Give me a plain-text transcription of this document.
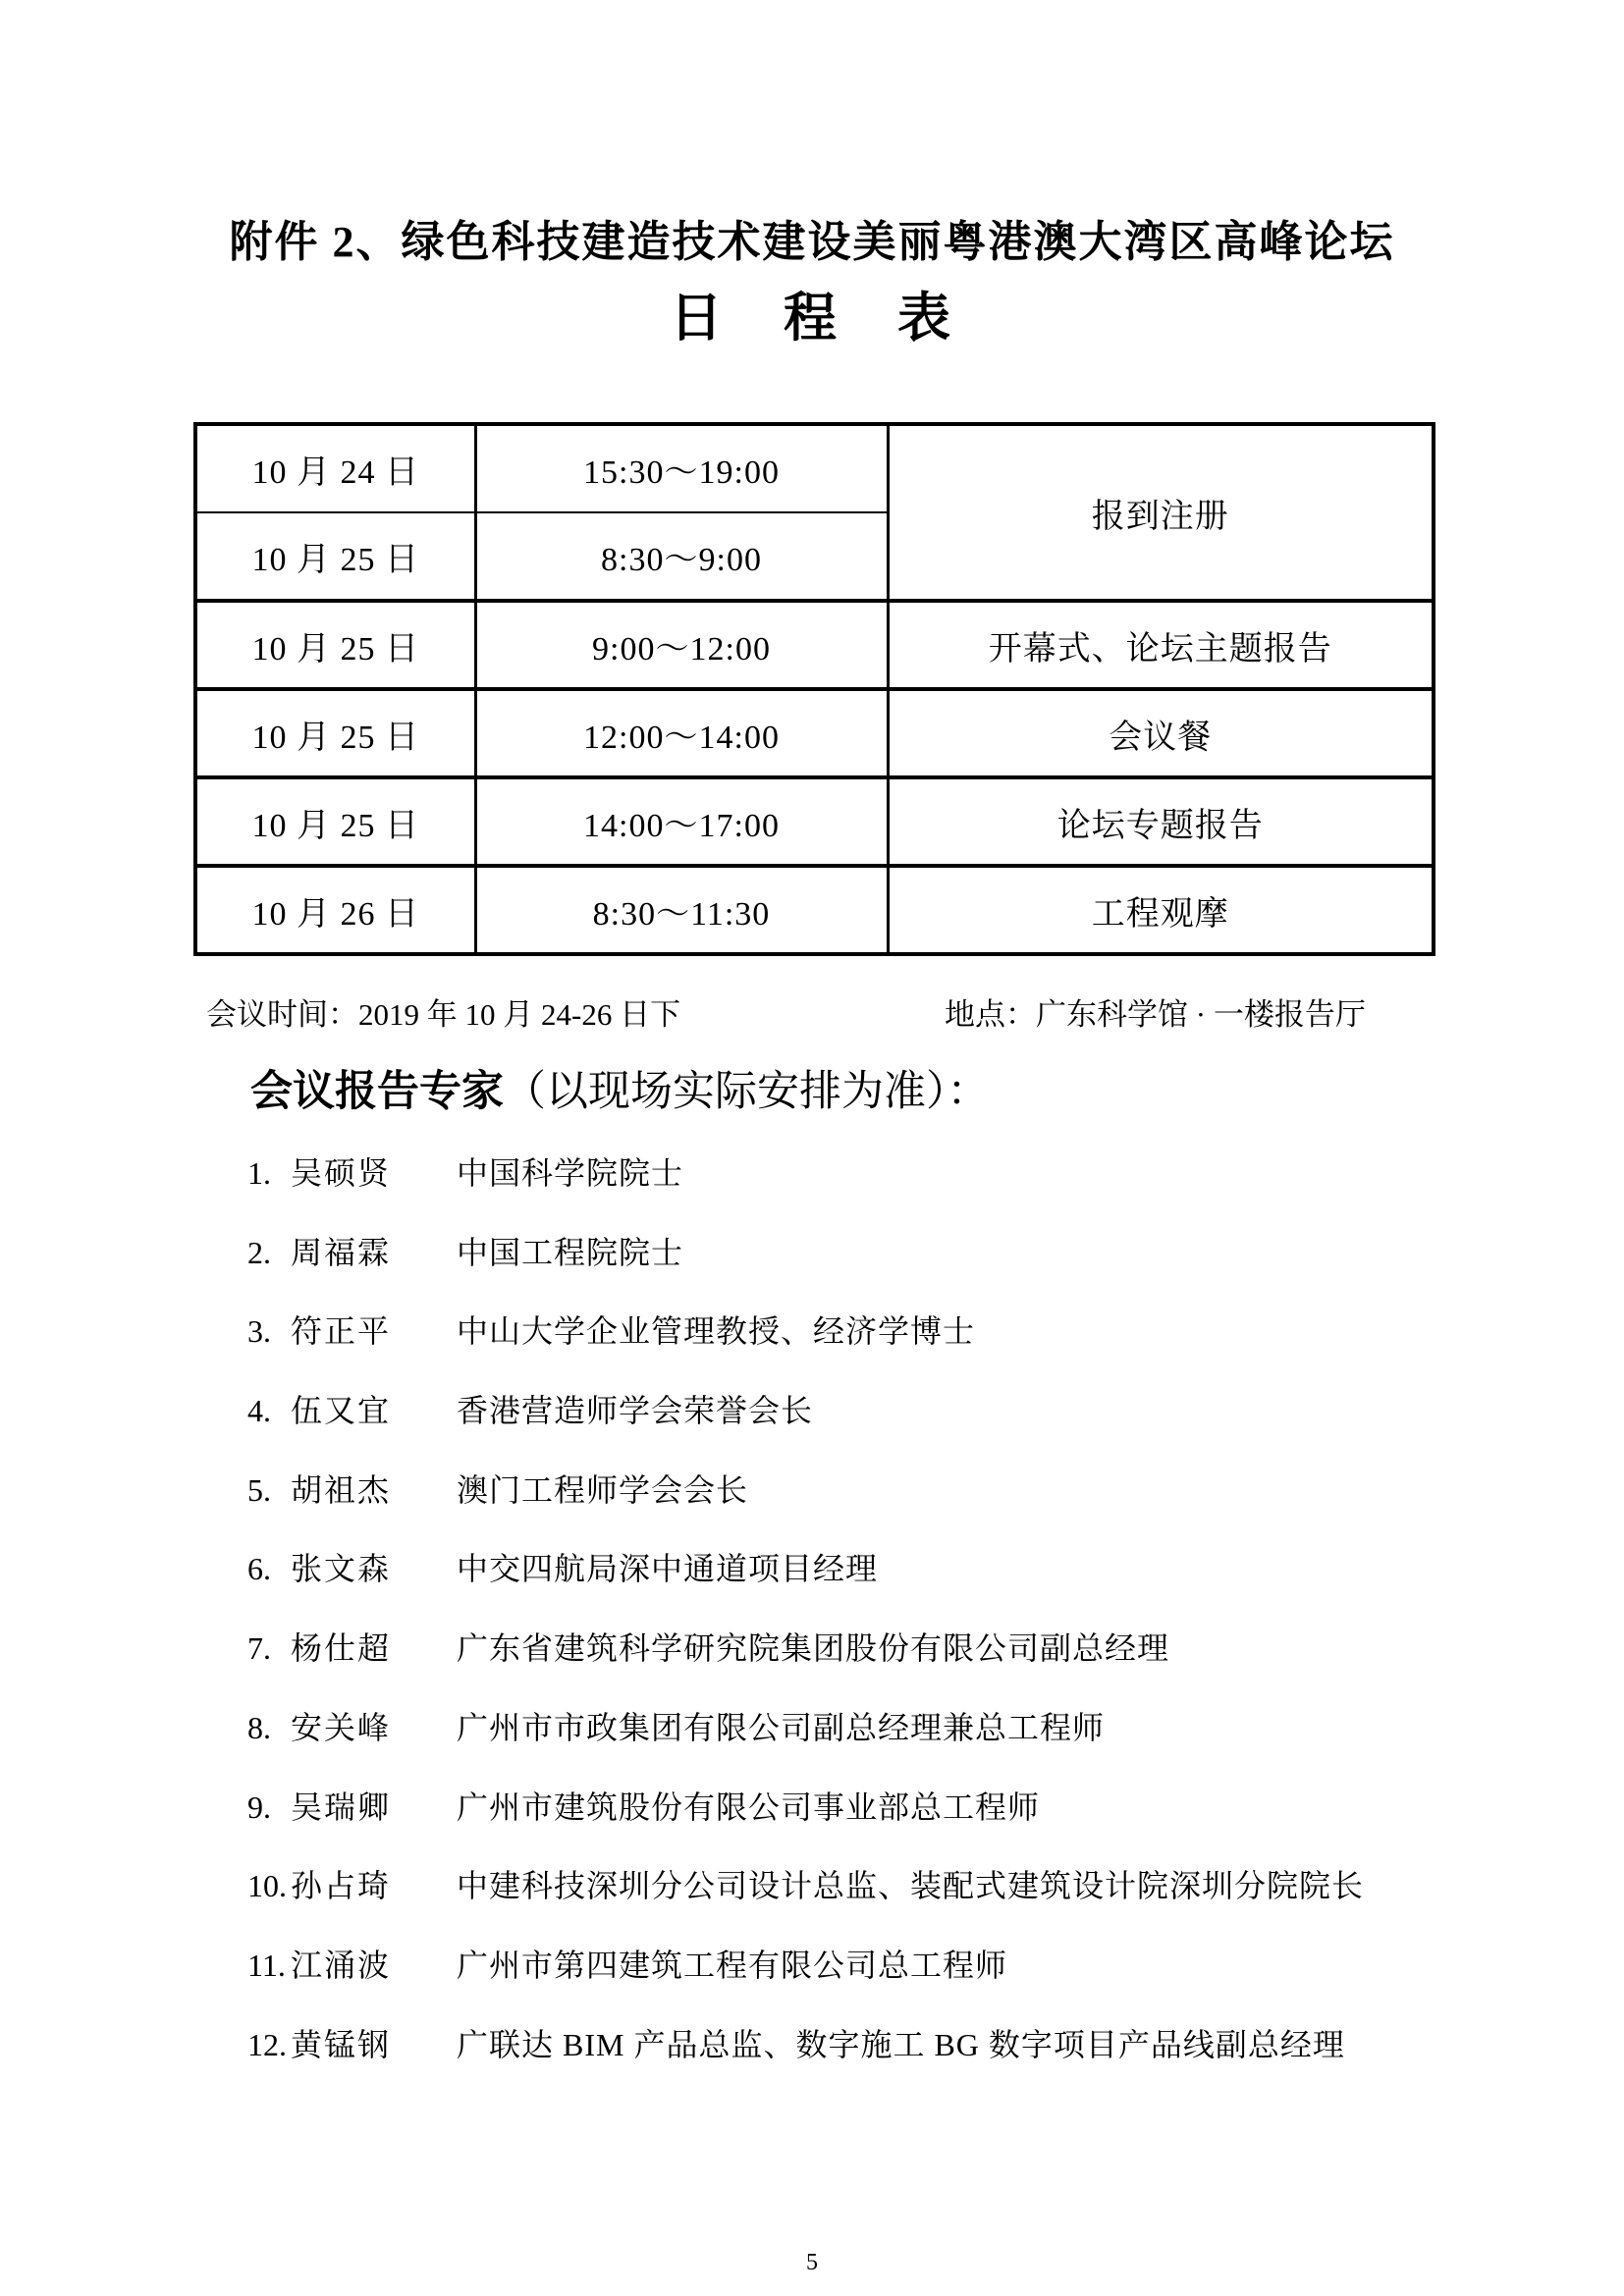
附件 2、绿色科技建造技术建设美丽粤港澳大湾区高峰论坛
日　程　表
10 月 24 日	15:30～19:00	报到注册
10 月 25 日	8:30～9:00	
10 月 25 日	9:00～12:00	开幕式、论坛主题报告
10 月 25 日	12:00～14:00	会议餐
10 月 25 日	14:00～17:00	论坛专题报告
10 月 26 日	8:30～11:30	工程观摩
会议时间：2019 年 10 月 24-26 日下	地点：广东科学馆 · 一楼报告厅
会议报告专家（以现场实际安排为准）：
1. 吴硕贤	中国科学院院士
2. 周福霖	中国工程院院士
3. 符正平	中山大学企业管理教授、经济学博士
4. 伍又宜	香港营造师学会荣誉会长
5. 胡祖杰	澳门工程师学会会长
6. 张文森	中交四航局深中通道项目经理
7. 杨仕超	广东省建筑科学研究院集团股份有限公司副总经理
8. 安关峰	广州市市政集团有限公司副总经理兼总工程师
9. 吴瑞卿	广州市建筑股份有限公司事业部总工程师
10. 孙占琦	中建科技深圳分公司设计总监、装配式建筑设计院深圳分院院长
11. 江涌波	广州市第四建筑工程有限公司总工程师
12. 黄锰钢	广联达 BIM 产品总监、数字施工 BG 数字项目产品线副总经理
5
